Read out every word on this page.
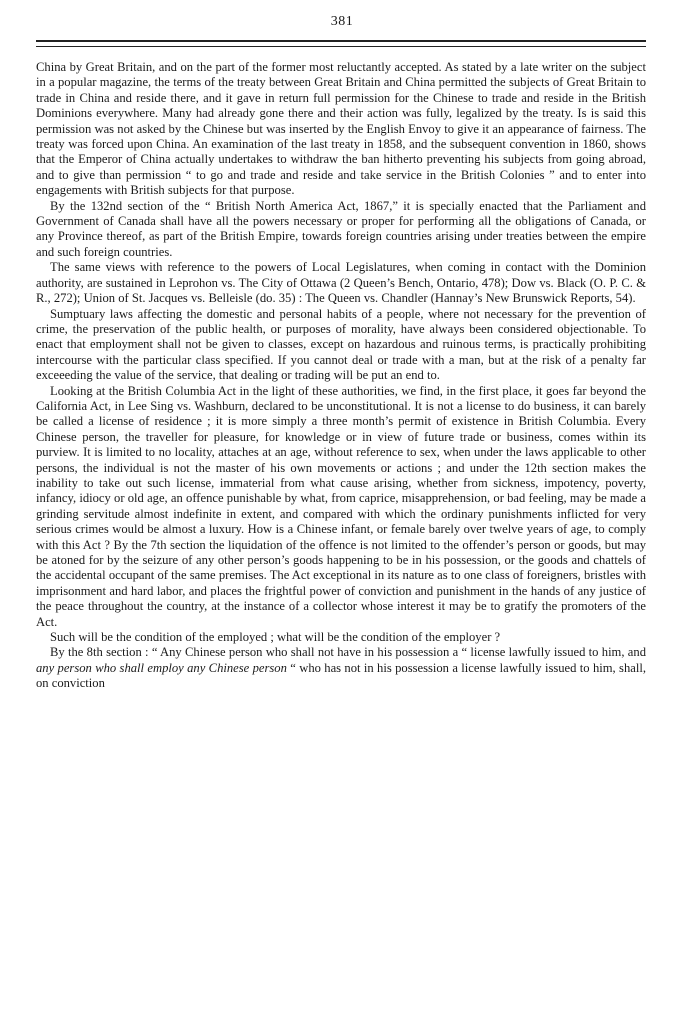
381

China by Great Britain, and on the part of the former most reluctantly accepted. As stated by a late writer on the subject in a popular magazine, the terms of the treaty between Great Britain and China permitted the subjects of Great Britain to trade in China and reside there, and it gave in return full permission for the Chinese to trade and reside in the British Dominions everywhere. Many had already gone there and their action was fully, legalized by the treaty. Is is said this permission was not asked by the Chinese but was inserted by the English Envoy to give it an appearance of fairness. The treaty was forced upon China. An examination of the last treaty in 1858, and the subsequent convention in 1860, shows that the Emperor of China actually undertakes to withdraw the ban hitherto preventing his subjects from going abroad, and to give than permission “ to go and trade and reside and take service in the British Colonies ” and to enter into engagements with British subjects for that purpose.

By the 132nd section of the “ British North America Act, 1867,” it is specially enacted that the Parliament and Government of Canada shall have all the powers necessary or proper for performing all the obligations of Canada, or any Province thereof, as part of the British Empire, towards foreign countries arising under treaties between the empire and such foreign countries.

The same views with reference to the powers of Local Legislatures, when coming in contact with the Dominion authority, are sustained in Leprohon vs. The City of Ottawa (2 Queen’s Bench, Ontario, 478); Dow vs. Black (O. P. C. & R., 272); Union of St. Jacques vs. Belleisle (do. 35) : The Queen vs. Chandler (Hannay’s New Brunswick Reports, 54).

Sumptuary laws affecting the domestic and personal habits of a people, where not necessary for the prevention of crime, the preservation of the public health, or purposes of morality, have always been considered objectionable. To enact that employment shall not be given to classes, except on hazardous and ruinous terms, is practically prohibiting intercourse with the particular class specified. If you cannot deal or trade with a man, but at the risk of a penalty far exceeeding the value of the service, that dealing or trading will be put an end to.

Looking at the British Columbia Act in the light of these authorities, we find, in the first place, it goes far beyond the California Act, in Lee Sing vs. Washburn, declared to be unconstitutional. It is not a license to do business, it can barely be called a license of residence ; it is more simply a three month’s permit of existence in British Columbia. Every Chinese person, the traveller for pleasure, for knowledge or in view of future trade or business, comes within its purview. It is limited to no locality, attaches at an age, without reference to sex, when under the laws applicable to other persons, the individual is not the master of his own movements or actions ; and under the 12th section makes the inability to take out such license, immaterial from what cause arising, whether from sickness, impotency, poverty, infancy, idiocy or old age, an offence punishable by what, from caprice, misapprehension, or bad feeling, may be made a grinding servitude almost indefinite in extent, and compared with which the ordinary punishments inflicted for very serious crimes would be almost a luxury. How is a Chinese infant, or female barely over twelve years of age, to comply with this Act ? By the 7th section the liquidation of the offence is not limited to the offender’s person or goods, but may be atoned for by the seizure of any other person’s goods happening to be in his possession, or the goods and chattels of the accidental occupant of the same premises. The Act exceptional in its nature as to one class of foreigners, bristles with imprisonment and hard labor, and places the frightful power of conviction and punishment in the hands of any justice of the peace throughout the country, at the instance of a collector whose interest it may be to gratify the promoters of the Act.

Such will be the condition of the employed ; what will be the condition of the employer ?

By the 8th section : “ Any Chinese person who shall not have in his possession a “ license lawfully issued to him, and any person who shall employ any Chinese person “ who has not in his possession a license lawfully issued to him, shall, on conviction
